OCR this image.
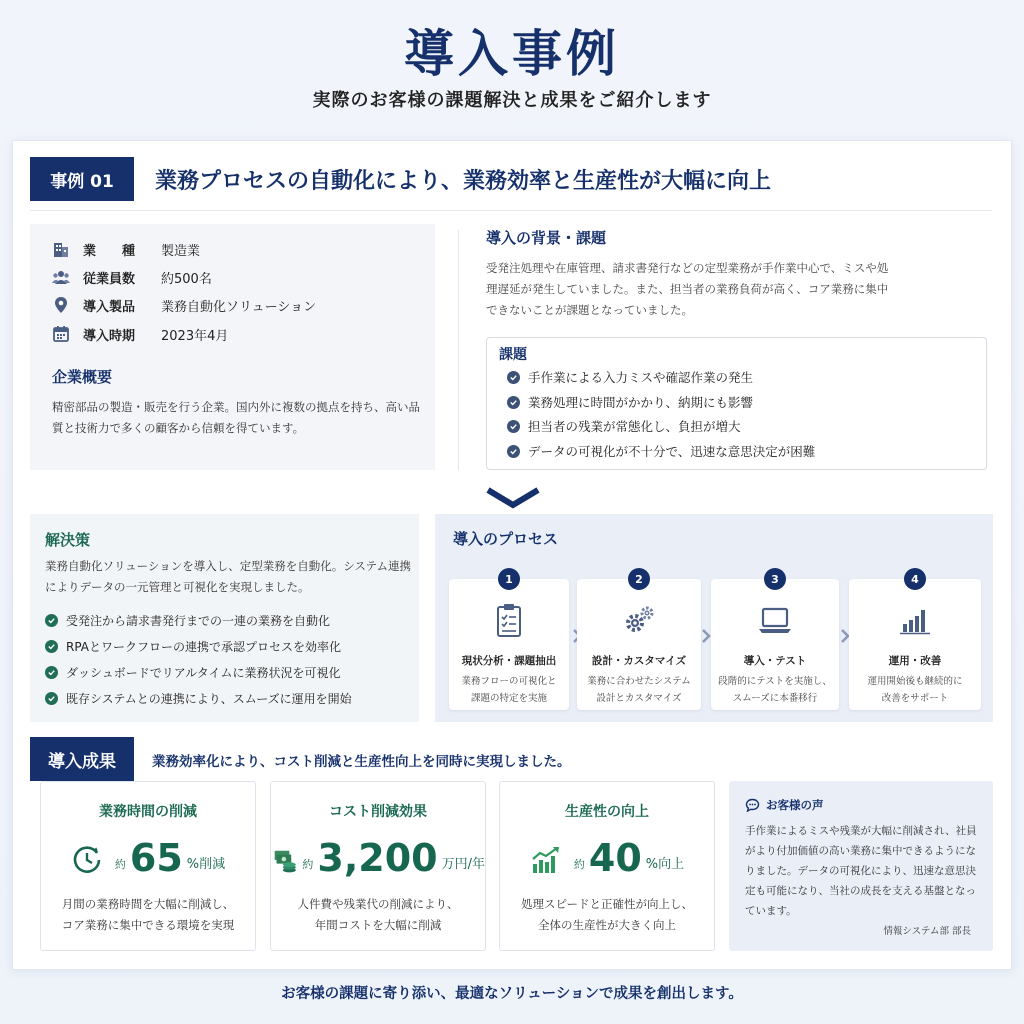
導入事例
実際のお客様の課題解決と成果をご紹介します
事例 01	業務プロセスの自動化により、業務効率と生産性が大幅に向上
業　　種	製造業
従業員数	約500名
導入製品	業務自動化ソリューション
導入時期	2023年4月
企業概要
精密部品の製造・販売を行う企業。国内外に複数の拠点を持ち、高い品質と技術力で多くの顧客から信頼を得ています。
導入の背景・課題
受発注処理や在庫管理、請求書発行などの定型業務が手作業中心で、ミスや処理遅延が発生していました。また、担当者の業務負荷が高く、コア業務に集中できないことが課題となっていました。
課題
手作業による入力ミスや確認作業の発生
業務処理に時間がかかり、納期にも影響
担当者の残業が常態化し、負担が増大
データの可視化が不十分で、迅速な意思決定が困難
解決策
業務自動化ソリューションを導入し、定型業務を自動化。システム連携によりデータの一元管理と可視化を実現しました。
受発注から請求書発行までの一連の業務を自動化
RPAとワークフローの連携で承認プロセスを効率化
ダッシュボードでリアルタイムに業務状況を可視化
既存システムとの連携により、スムーズに運用を開始
導入のプロセス
1
現状分析・課題抽出
業務フローの可視化と
課題の特定を実施
2
設計・カスタマイズ
業務に合わせたシステム
設計とカスタマイズ
3
導入・テスト
段階的にテストを実施し、
スムーズに本番移行
4
運用・改善
運用開始後も継続的に
改善をサポート
導入成果	業務効率化により、コスト削減と生産性向上を同時に実現しました。
業務時間の削減
約 65 %削減
月間の業務時間を大幅に削減し、
コア業務に集中できる環境を実現
コスト削減効果
約 3,200 万円/年
人件費や残業代の削減により、
年間コストを大幅に削減
生産性の向上
約 40 %向上
処理スピードと正確性が向上し、
全体の生産性が大きく向上
お客様の声
手作業によるミスや残業が大幅に削減され、社員がより付加価値の高い業務に集中できるようになりました。データの可視化により、迅速な意思決定も可能になり、当社の成長を支える基盤となっています。
情報システム部 部長
お客様の課題に寄り添い、最適なソリューションで成果を創出します。
